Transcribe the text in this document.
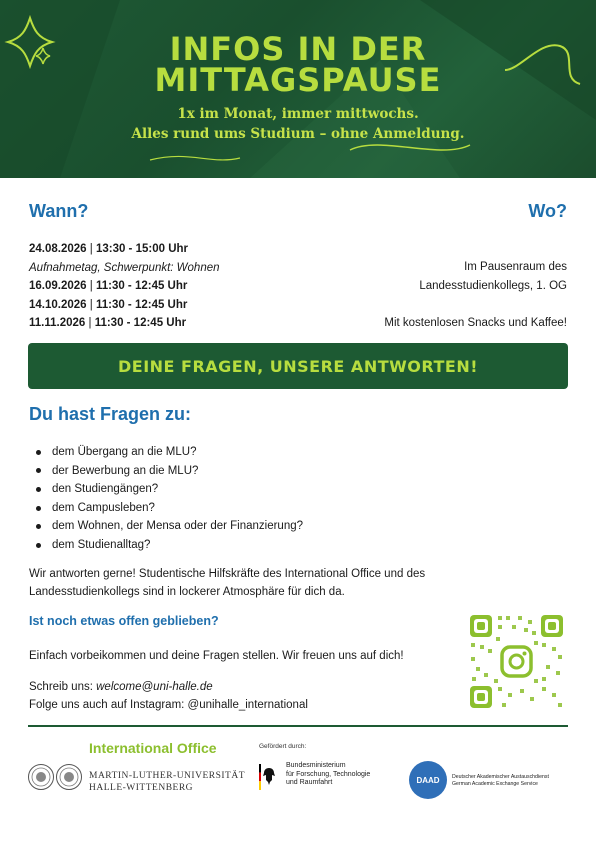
INFOS IN DER
MITTAGSPAUSE
1x im Monat, immer mittwochs.
Alles rund ums Studium – ohne Anmeldung.
Wann?	Wo?
24.08.2026 | 13:30 - 15:00 Uhr
Aufnahmetag, Schwerpunkt: Wohnen
16.09.2026 | 11:30 - 12:45 Uhr
14.10.2026 | 11:30 - 12:45 Uhr
11.11.2026 | 11:30 - 12:45 Uhr
Im Pausenraum des
Landesstudienkollegs, 1. OG
Mit kostenlosen Snacks und Kaffee!
DEINE FRAGEN, UNSERE ANTWORTEN!
Du hast Fragen zu:
dem Übergang an die MLU?
der Bewerbung an die MLU?
den Studiengängen?
dem Campusleben?
dem Wohnen, der Mensa oder der Finanzierung?
dem Studienalltag?
Wir antworten gerne! Studentische Hilfskräfte des International Office und des
Landesstudienkollegs sind in lockerer Atmosphäre für dich da.
Ist noch etwas offen geblieben?
Einfach vorbeikommen und deine Fragen stellen. Wir freuen uns auf dich!
Schreib uns: welcome@uni-halle.de
Folge uns auch auf Instagram: @unihalle_international
International Office
MARTIN-LUTHER-UNIVERSITÄT
HALLE-WITTENBERG
Gefördert durch:
Bundesministerium
für Forschung, Technologie
und Raumfahrt	DAAD	Deutscher Akademischer Austauschdienst
German Academic Exchange Service
